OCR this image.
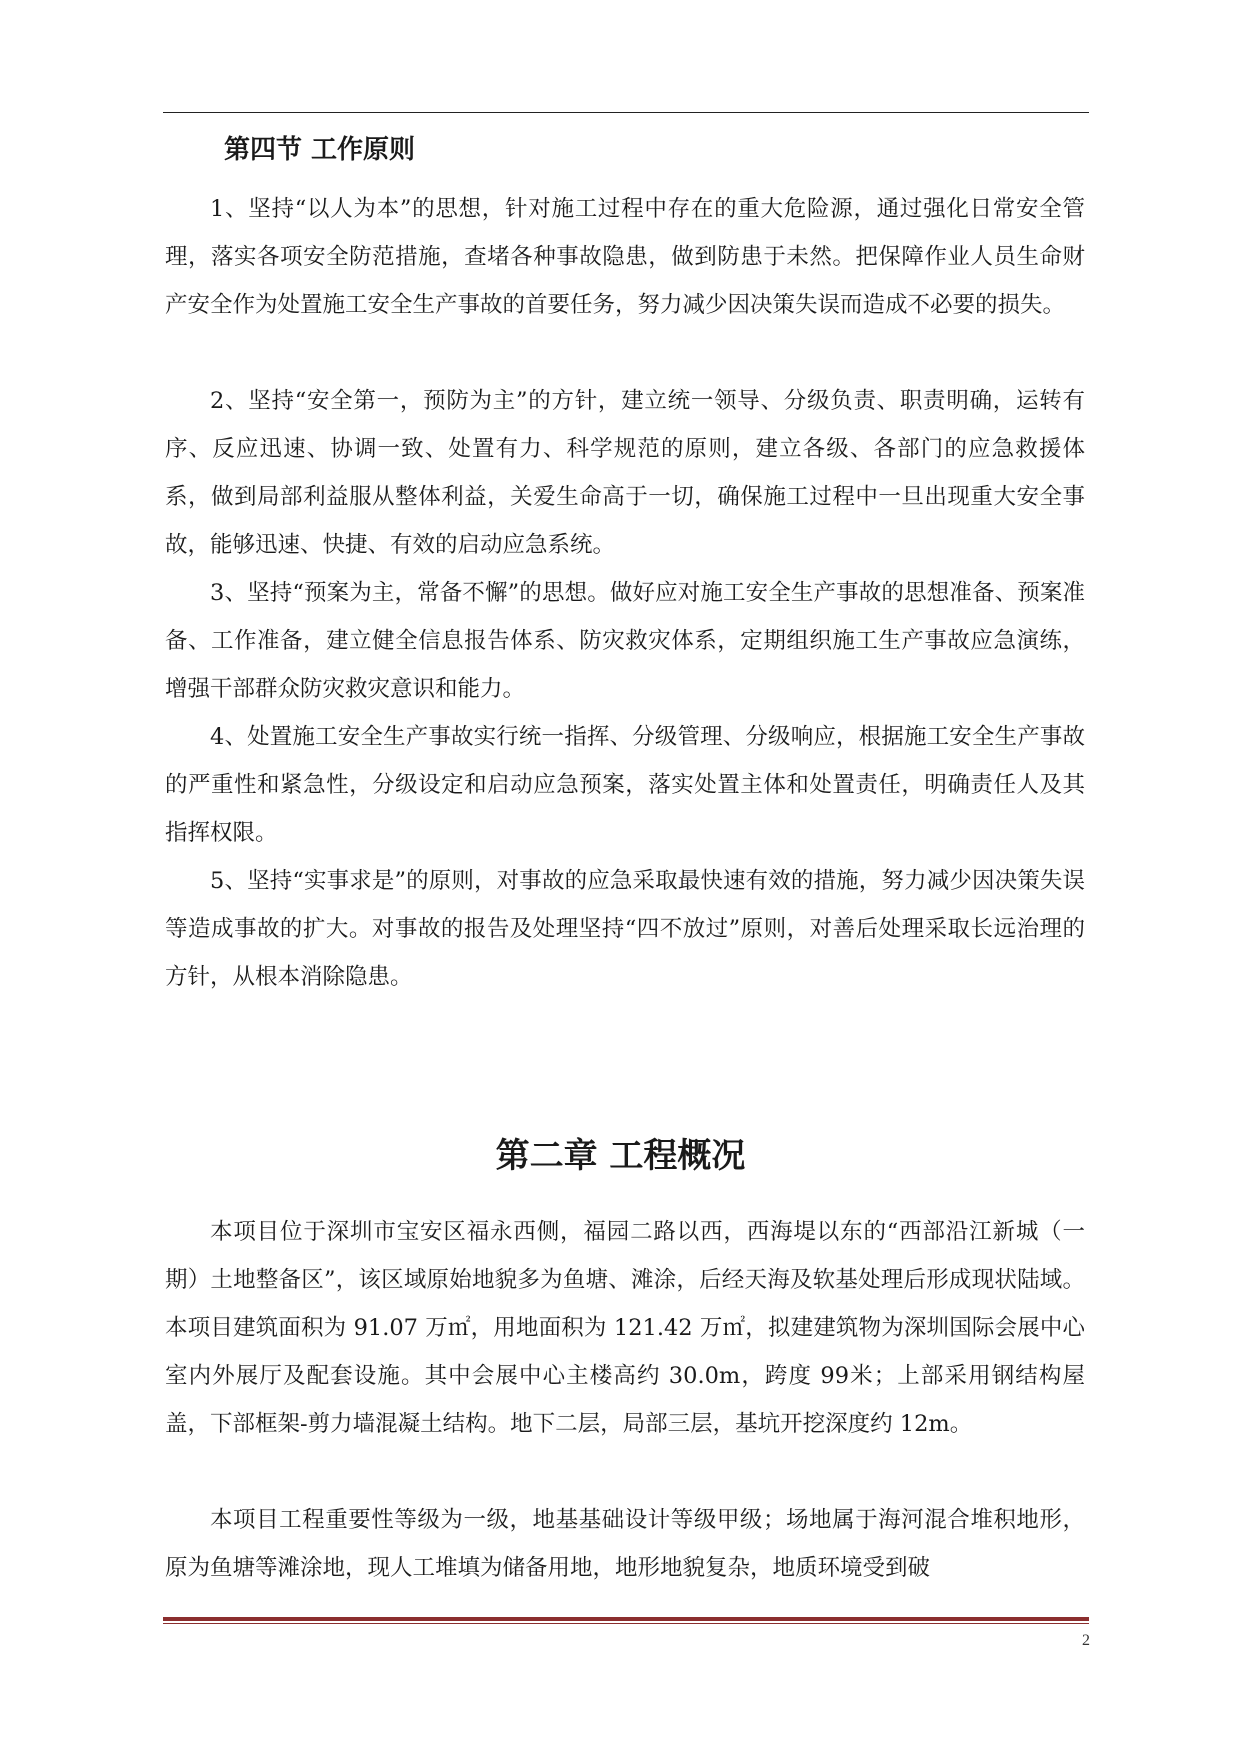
第四节 工作原则

1、坚持“以人为本”的思想，针对施工过程中存在的重大危险源，通过强化日常安全管理，落实各项安全防范措施，查堵各种事故隐患，做到防患于未然。把保障作业人员生命财产安全作为处置施工安全生产事故的首要任务，努力减少因决策失误而造成不必要的损失。

2、坚持“安全第一，预防为主”的方针，建立统一领导、分级负责、职责明确，运转有序、反应迅速、协调一致、处置有力、科学规范的原则，建立各级、各部门的应急救援体系，做到局部利益服从整体利益，关爱生命高于一切，确保施工过程中一旦出现重大安全事故，能够迅速、快捷、有效的启动应急系统。

3、坚持“预案为主，常备不懈”的思想。做好应对施工安全生产事故的思想准备、预案准备、工作准备，建立健全信息报告体系、防灾救灾体系，定期组织施工生产事故应急演练，增强干部群众防灾救灾意识和能力。

4、处置施工安全生产事故实行统一指挥、分级管理、分级响应，根据施工安全生产事故的严重性和紧急性，分级设定和启动应急预案，落实处置主体和处置责任，明确责任人及其指挥权限。

5、坚持“实事求是”的原则，对事故的应急采取最快速有效的措施，努力减少因决策失误等造成事故的扩大。对事故的报告及处理坚持“四不放过”原则，对善后处理采取长远治理的方针，从根本消除隐患。

第二章 工程概况

本项目位于深圳市宝安区福永西侧，福园二路以西，西海堤以东的“西部沿江新城（一期）土地整备区”，该区域原始地貌多为鱼塘、滩涂，后经天海及软基处理后形成现状陆域。本项目建筑面积为 91.07 万㎡，用地面积为 121.42 万㎡，拟建建筑物为深圳国际会展中心室内外展厅及配套设施。其中会展中心主楼高约 30.0m，跨度 99米；上部采用钢结构屋盖，下部框架-剪力墙混凝土结构。地下二层，局部三层，基坑开挖深度约 12m。

本项目工程重要性等级为一级，地基基础设计等级甲级；场地属于海河混合堆积地形，原为鱼塘等滩涂地，现人工堆填为储备用地，地形地貌复杂，地质环境受到破

2
